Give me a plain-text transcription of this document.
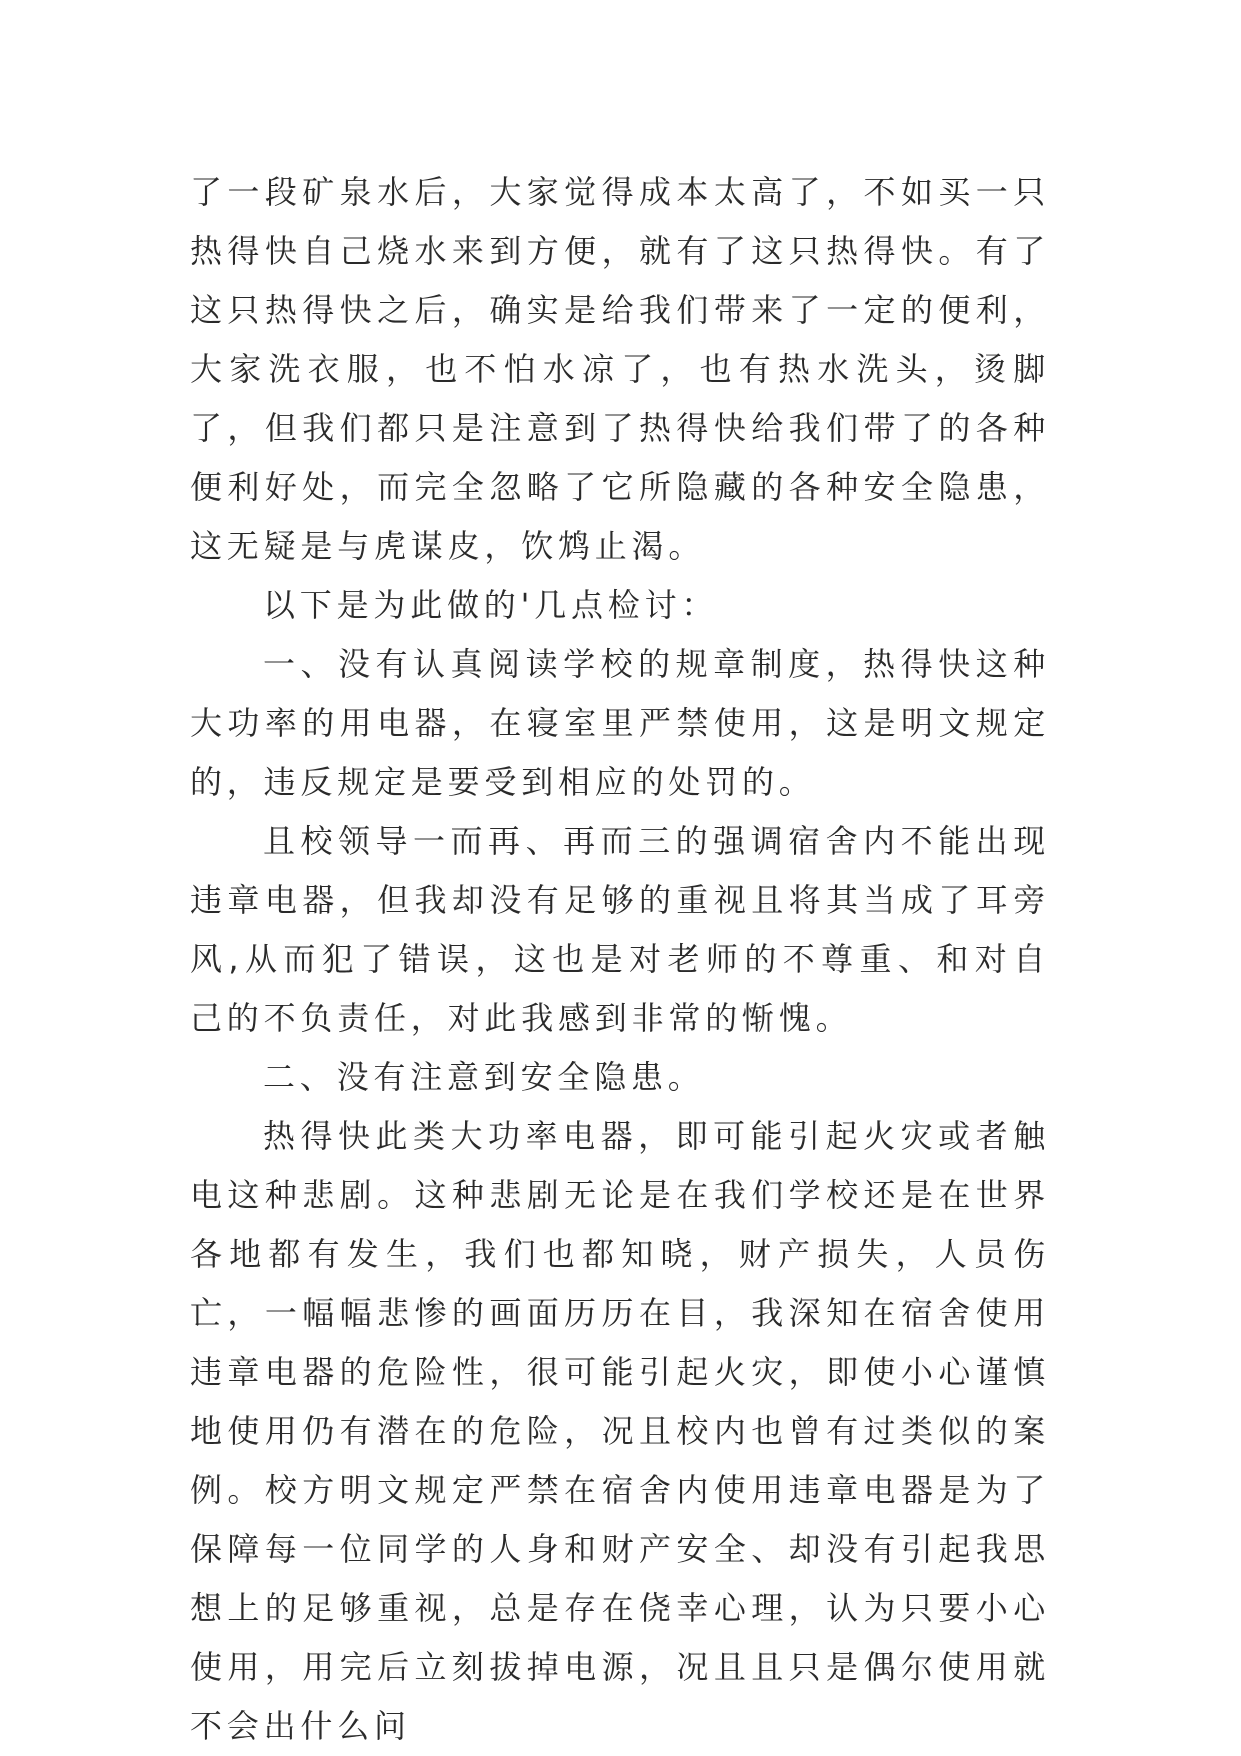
了一段矿泉水后，大家觉得成本太高了，不如买一只热得快自己烧水来到方便，就有了这只热得快。有了这只热得快之后，确实是给我们带来了一定的便利，大家洗衣服，也不怕水凉了，也有热水洗头，烫脚了，但我们都只是注意到了热得快给我们带了的各种便利好处，而完全忽略了它所隐藏的各种安全隐患，这无疑是与虎谋皮，饮鸩止渴。

以下是为此做的'几点检讨：

一、没有认真阅读学校的规章制度，热得快这种大功率的用电器，在寝室里严禁使用，这是明文规定的，违反规定是要受到相应的处罚的。

且校领导一而再、再而三的强调宿舍内不能出现违章电器，但我却没有足够的重视且将其当成了耳旁风,从而犯了错误，这也是对老师的不尊重、和对自己的不负责任，对此我感到非常的惭愧。

二、没有注意到安全隐患。

热得快此类大功率电器，即可能引起火灾或者触电这种悲剧。这种悲剧无论是在我们学校还是在世界各地都有发生，我们也都知晓，财产损失，人员伤亡，一幅幅悲惨的画面历历在目，我深知在宿舍使用违章电器的危险性，很可能引起火灾，即使小心谨慎地使用仍有潜在的危险，况且校内也曾有过类似的案例。校方明文规定严禁在宿舍内使用违章电器是为了保障每一位同学的人身和财产安全、却没有引起我思想上的足够重视，总是存在侥幸心理，认为只要小心使用，用完后立刻拔掉电源，况且且只是偶尔使用就不会出什么问
